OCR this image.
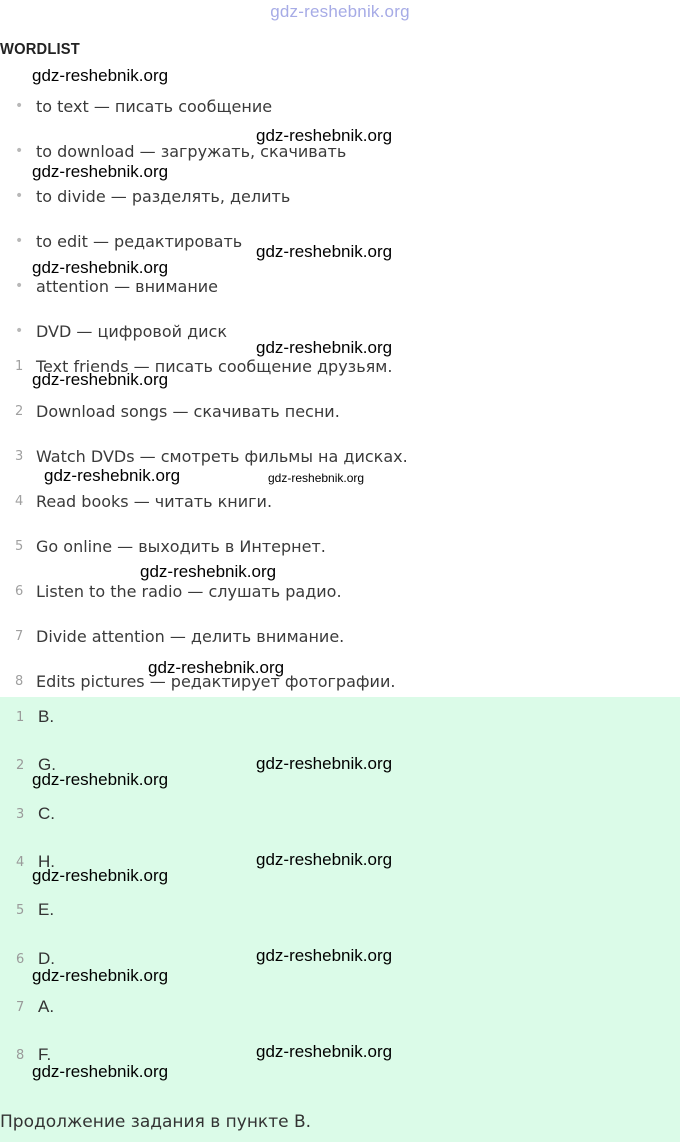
gdz-reshebnik.org
WORDLIST
• to text — писать сообщение
• to download — загружать, скачивать
• to divide — разделять, делить
• to edit — редактировать
• attention — внимание
• DVD — цифровой диск
1 Text friends — писать сообщение друзьям.
2 Download songs — скачивать песни.
3 Watch DVDs — смотреть фильмы на дисках.
4 Read books — читать книги.
5 Go online — выходить в Интернет.
6 Listen to the radio — слушать радио.
7 Divide attention — делить внимание.
8 Edits pictures — редактирует фотографии.
1 B.
2 G.
3 C.
4 H.
5 E.
6 D.
7 A.
8 F.
Продолжение задания в пункте B.
gdz-reshebnik.org
gdz-reshebnik.org
gdz-reshebnik.org
gdz-reshebnik.org
gdz-reshebnik.org
gdz-reshebnik.org
gdz-reshebnik.org
gdz-reshebnik.org	gdz-reshebnik.org
gdz-reshebnik.org
gdz-reshebnik.org
gdz-reshebnik.org
gdz-reshebnik.org
gdz-reshebnik.org
gdz-reshebnik.org
gdz-reshebnik.org
gdz-reshebnik.org
gdz-reshebnik.org
gdz-reshebnik.org
